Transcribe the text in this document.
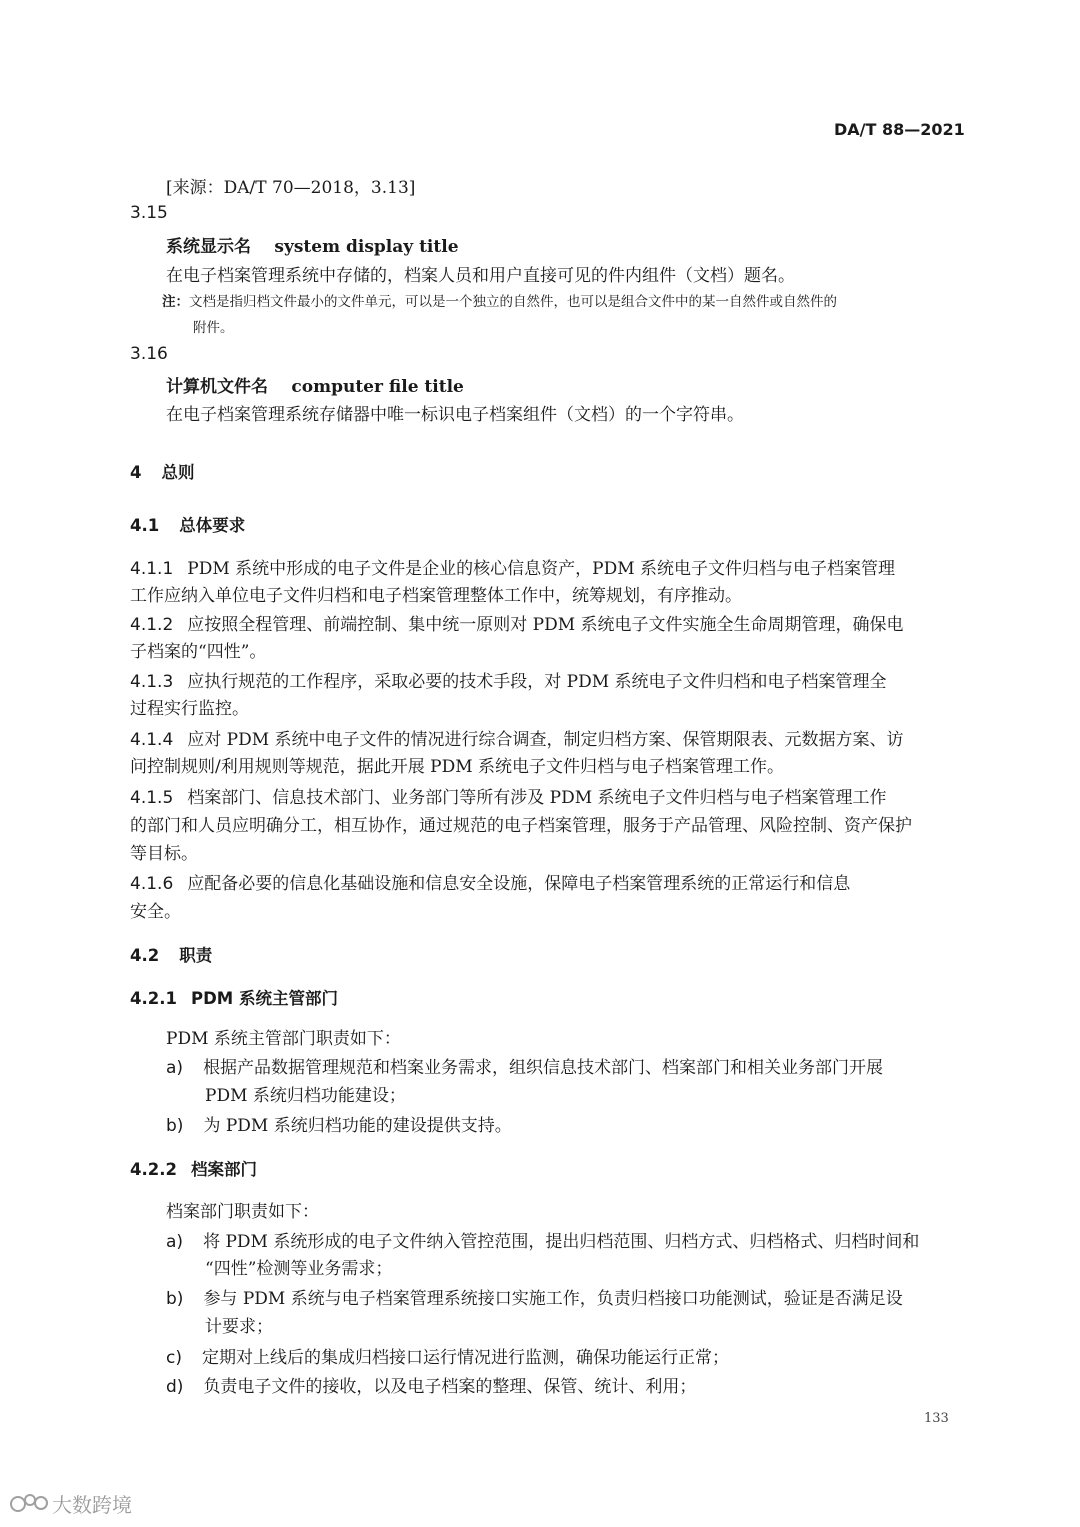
DA/T 88—2021
[来源：DA/T 70—2018，3.13]
3.15
系统显示名 system display title
在电子档案管理系统中存储的，档案人员和用户直接可见的件内组件（文档）题名。
注：文档是指归档文件最小的文件单元，可以是一个独立的自然件，也可以是组合文件中的某一自然件或自然件的
附件。
3.16
计算机文件名 computer file title
在电子档案管理系统存储器中唯一标识电子档案组件（文档）的一个字符串。
4 总则
4.1 总体要求
4.1.1 PDM 系统中形成的电子文件是企业的核心信息资产，PDM 系统电子文件归档与电子档案管理
工作应纳入单位电子文件归档和电子档案管理整体工作中，统筹规划，有序推动。
4.1.2 应按照全程管理、前端控制、集中统一原则对 PDM 系统电子文件实施全生命周期管理，确保电
子档案的“四性”。
4.1.3 应执行规范的工作程序，采取必要的技术手段，对 PDM 系统电子文件归档和电子档案管理全
过程实行监控。
4.1.4 应对 PDM 系统中电子文件的情况进行综合调查，制定归档方案、保管期限表、元数据方案、访
问控制规则/利用规则等规范，据此开展 PDM 系统电子文件归档与电子档案管理工作。
4.1.5 档案部门、信息技术部门、业务部门等所有涉及 PDM 系统电子文件归档与电子档案管理工作
的部门和人员应明确分工，相互协作，通过规范的电子档案管理，服务于产品管理、风险控制、资产保护
等目标。
4.1.6 应配备必要的信息化基础设施和信息安全设施，保障电子档案管理系统的正常运行和信息
安全。
4.2 职责
4.2.1 PDM 系统主管部门
PDM 系统主管部门职责如下：
a) 根据产品数据管理规范和档案业务需求，组织信息技术部门、档案部门和相关业务部门开展
PDM 系统归档功能建设；
b) 为 PDM 系统归档功能的建设提供支持。
4.2.2 档案部门
档案部门职责如下：
a) 将 PDM 系统形成的电子文件纳入管控范围，提出归档范围、归档方式、归档格式、归档时间和
“四性”检测等业务需求；
b) 参与 PDM 系统与电子档案管理系统接口实施工作，负责归档接口功能测试，验证是否满足设
计要求；
c) 定期对上线后的集成归档接口运行情况进行监测，确保功能运行正常；
d) 负责电子文件的接收，以及电子档案的整理、保管、统计、利用；
133
大数跨境
